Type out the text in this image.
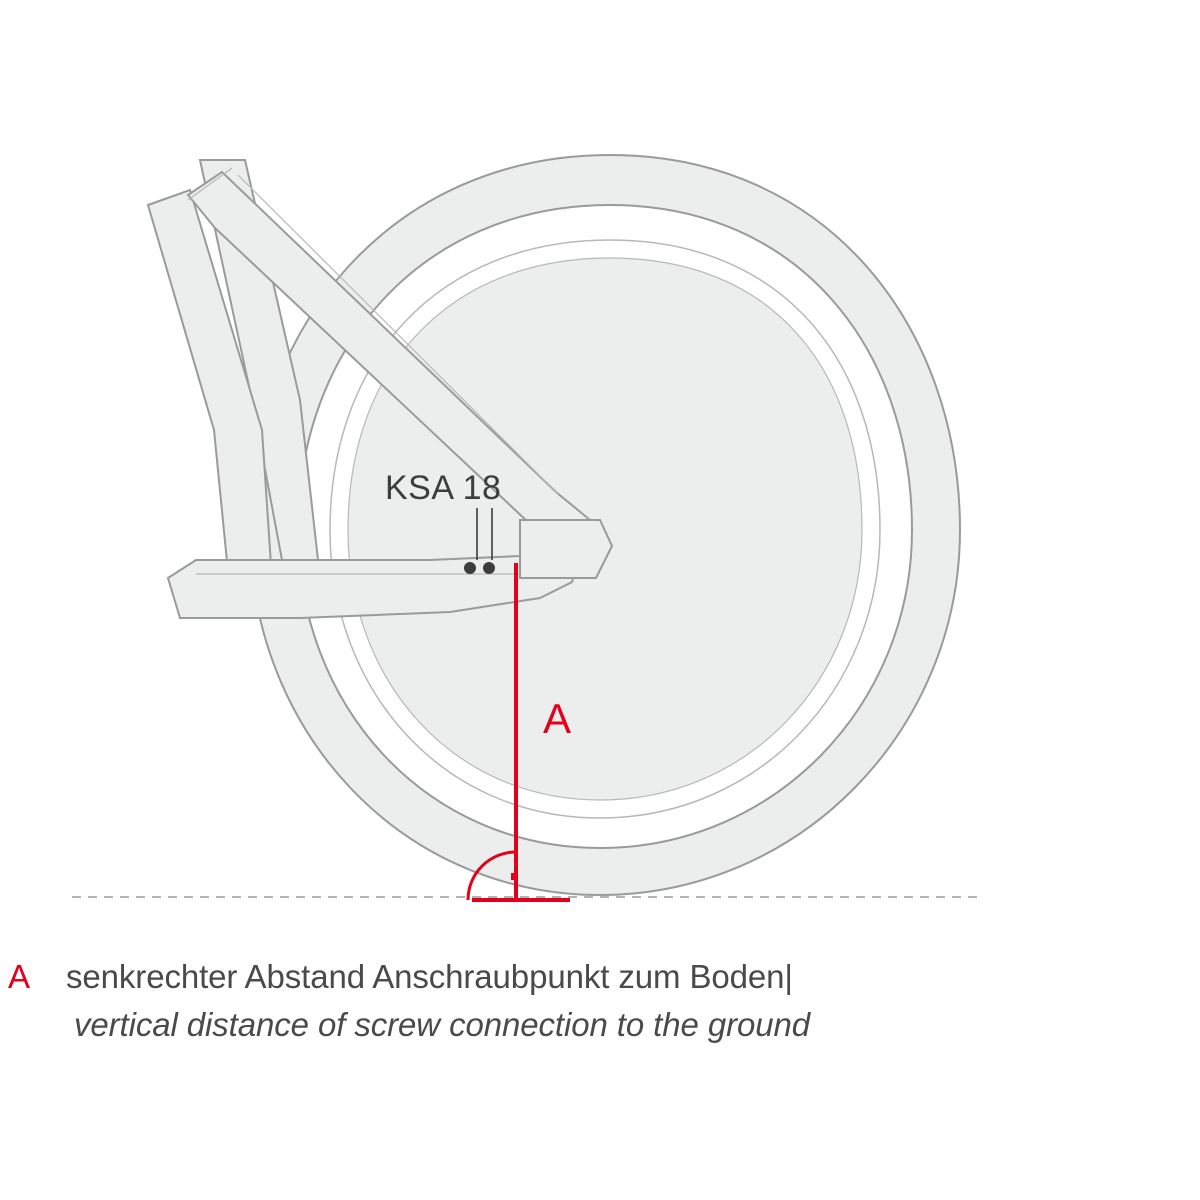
KSA 18
A
A senkrechter Abstand Anschraubpunkt zum Boden|
vertical distance of screw connection to the ground
